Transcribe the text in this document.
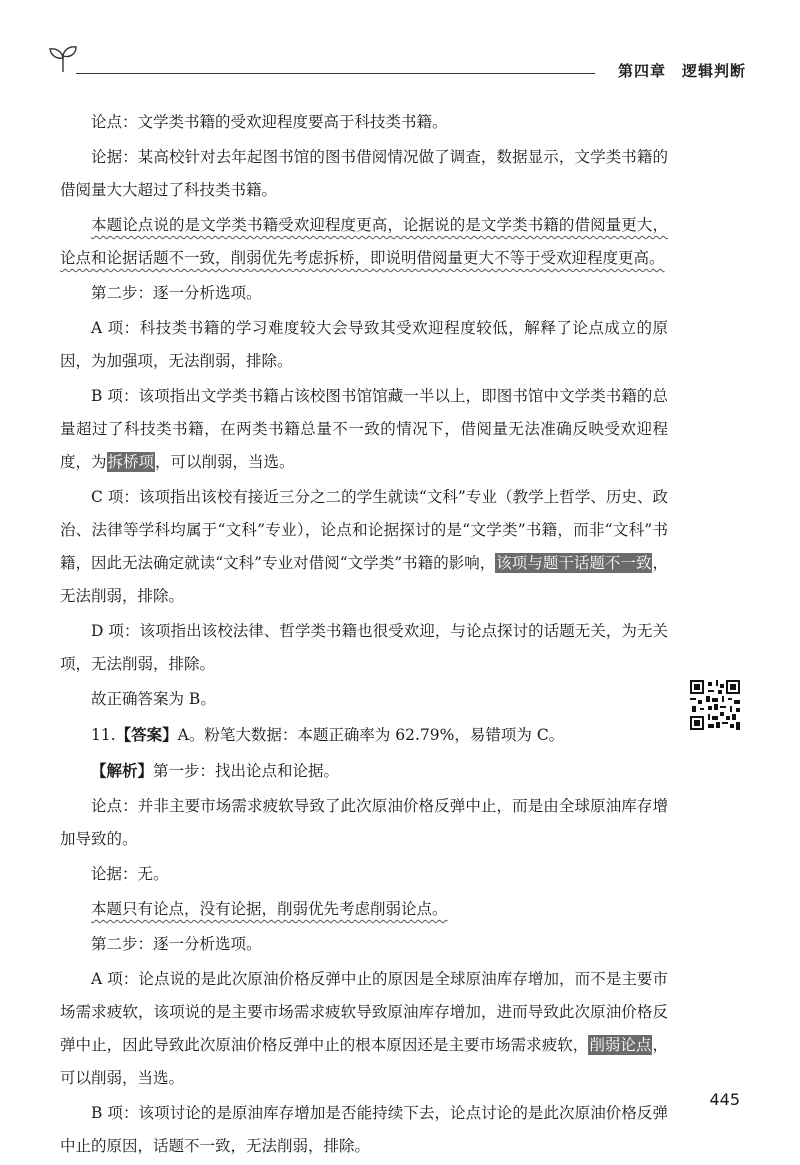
第四章 逻辑判断

论点：文学类书籍的受欢迎程度要高于科技类书籍。

论据：某高校针对去年起图书馆的图书借阅情况做了调查，数据显示，文学类书籍的借阅量大大超过了科技类书籍。

本题论点说的是文学类书籍受欢迎程度更高，论据说的是文学类书籍的借阅量更大，论点和论据话题不一致，削弱优先考虑拆桥，即说明借阅量更大不等于受欢迎程度更高。

第二步：逐一分析选项。

A 项：科技类书籍的学习难度较大会导致其受欢迎程度较低，解释了论点成立的原因，为加强项，无法削弱，排除。

B 项：该项指出文学类书籍占该校图书馆馆藏一半以上，即图书馆中文学类书籍的总量超过了科技类书籍，在两类书籍总量不一致的情况下，借阅量无法准确反映受欢迎程度，为拆桥项，可以削弱，当选。

C 项：该项指出该校有接近三分之二的学生就读“文科”专业（教学上哲学、历史、政治、法律等学科均属于“文科”专业），论点和论据探讨的是“文学类”书籍，而非“文科”书籍，因此无法确定就读“文科”专业对借阅“文学类”书籍的影响，该项与题干话题不一致，无法削弱，排除。

D 项：该项指出该校法律、哲学类书籍也很受欢迎，与论点探讨的话题无关，为无关项，无法削弱，排除。

故正确答案为 B。

11.【答案】A。粉笔大数据：本题正确率为 62.79%，易错项为 C。

【解析】第一步：找出论点和论据。

论点：并非主要市场需求疲软导致了此次原油价格反弹中止，而是由全球原油库存增加导致的。

论据：无。

本题只有论点，没有论据，削弱优先考虑削弱论点。

第二步：逐一分析选项。

A 项：论点说的是此次原油价格反弹中止的原因是全球原油库存增加，而不是主要市场需求疲软，该项说的是主要市场需求疲软导致原油库存增加，进而导致此次原油价格反弹中止，因此导致此次原油价格反弹中止的根本原因还是主要市场需求疲软，削弱论点，可以削弱，当选。

B 项：该项讨论的是原油库存增加是否能持续下去，论点讨论的是此次原油价格反弹中止的原因，话题不一致，无法削弱，排除。

445
